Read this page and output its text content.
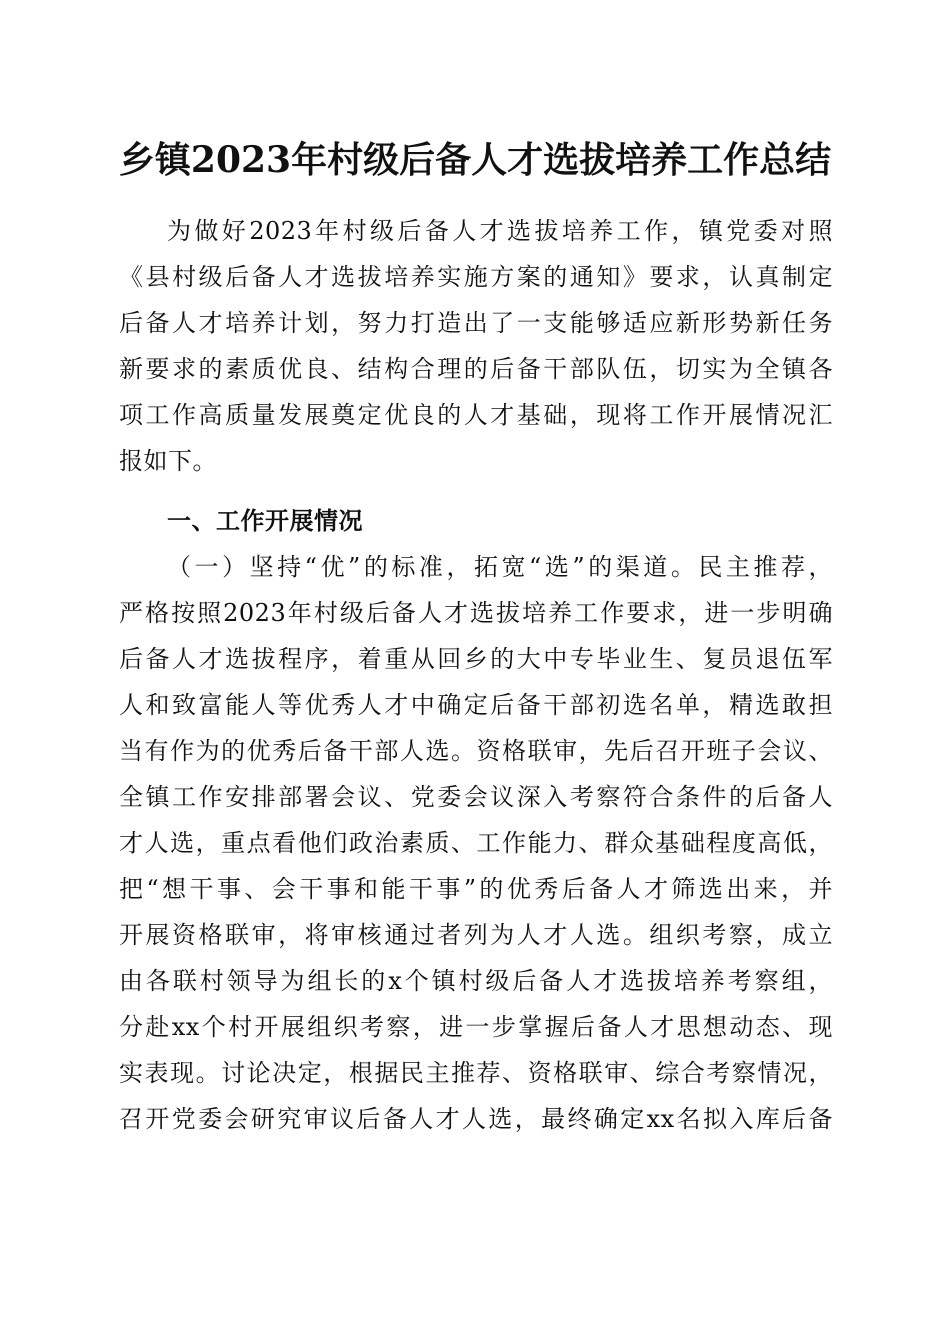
乡镇2023年村级后备人才选拔培养工作总结
为做好2023年村级后备人才选拔培养工作，镇党委对照
《县村级后备人才选拔培养实施方案的通知》要求，认真制定
后备人才培养计划，努力打造出了一支能够适应新形势新任务
新要求的素质优良、结构合理的后备干部队伍，切实为全镇各
项工作高质量发展奠定优良的人才基础，现将工作开展情况汇
报如下。
一、工作开展情况
（一）坚持“优”的标准，拓宽“选”的渠道。民主推荐，
严格按照2023年村级后备人才选拔培养工作要求，进一步明确
后备人才选拔程序，着重从回乡的大中专毕业生、复员退伍军
人和致富能人等优秀人才中确定后备干部初选名单，精选敢担
当有作为的优秀后备干部人选。资格联审，先后召开班子会议、
全镇工作安排部署会议、党委会议深入考察符合条件的后备人
才人选，重点看他们政治素质、工作能力、群众基础程度高低，
把“想干事、会干事和能干事”的优秀后备人才筛选出来，并
开展资格联审，将审核通过者列为人才人选。组织考察，成立
由各联村领导为组长的x个镇村级后备人才选拔培养考察组，
分赴xx个村开展组织考察，进一步掌握后备人才思想动态、现
实表现。讨论决定，根据民主推荐、资格联审、综合考察情况，
召开党委会研究审议后备人才人选，最终确定xx名拟入库后备
